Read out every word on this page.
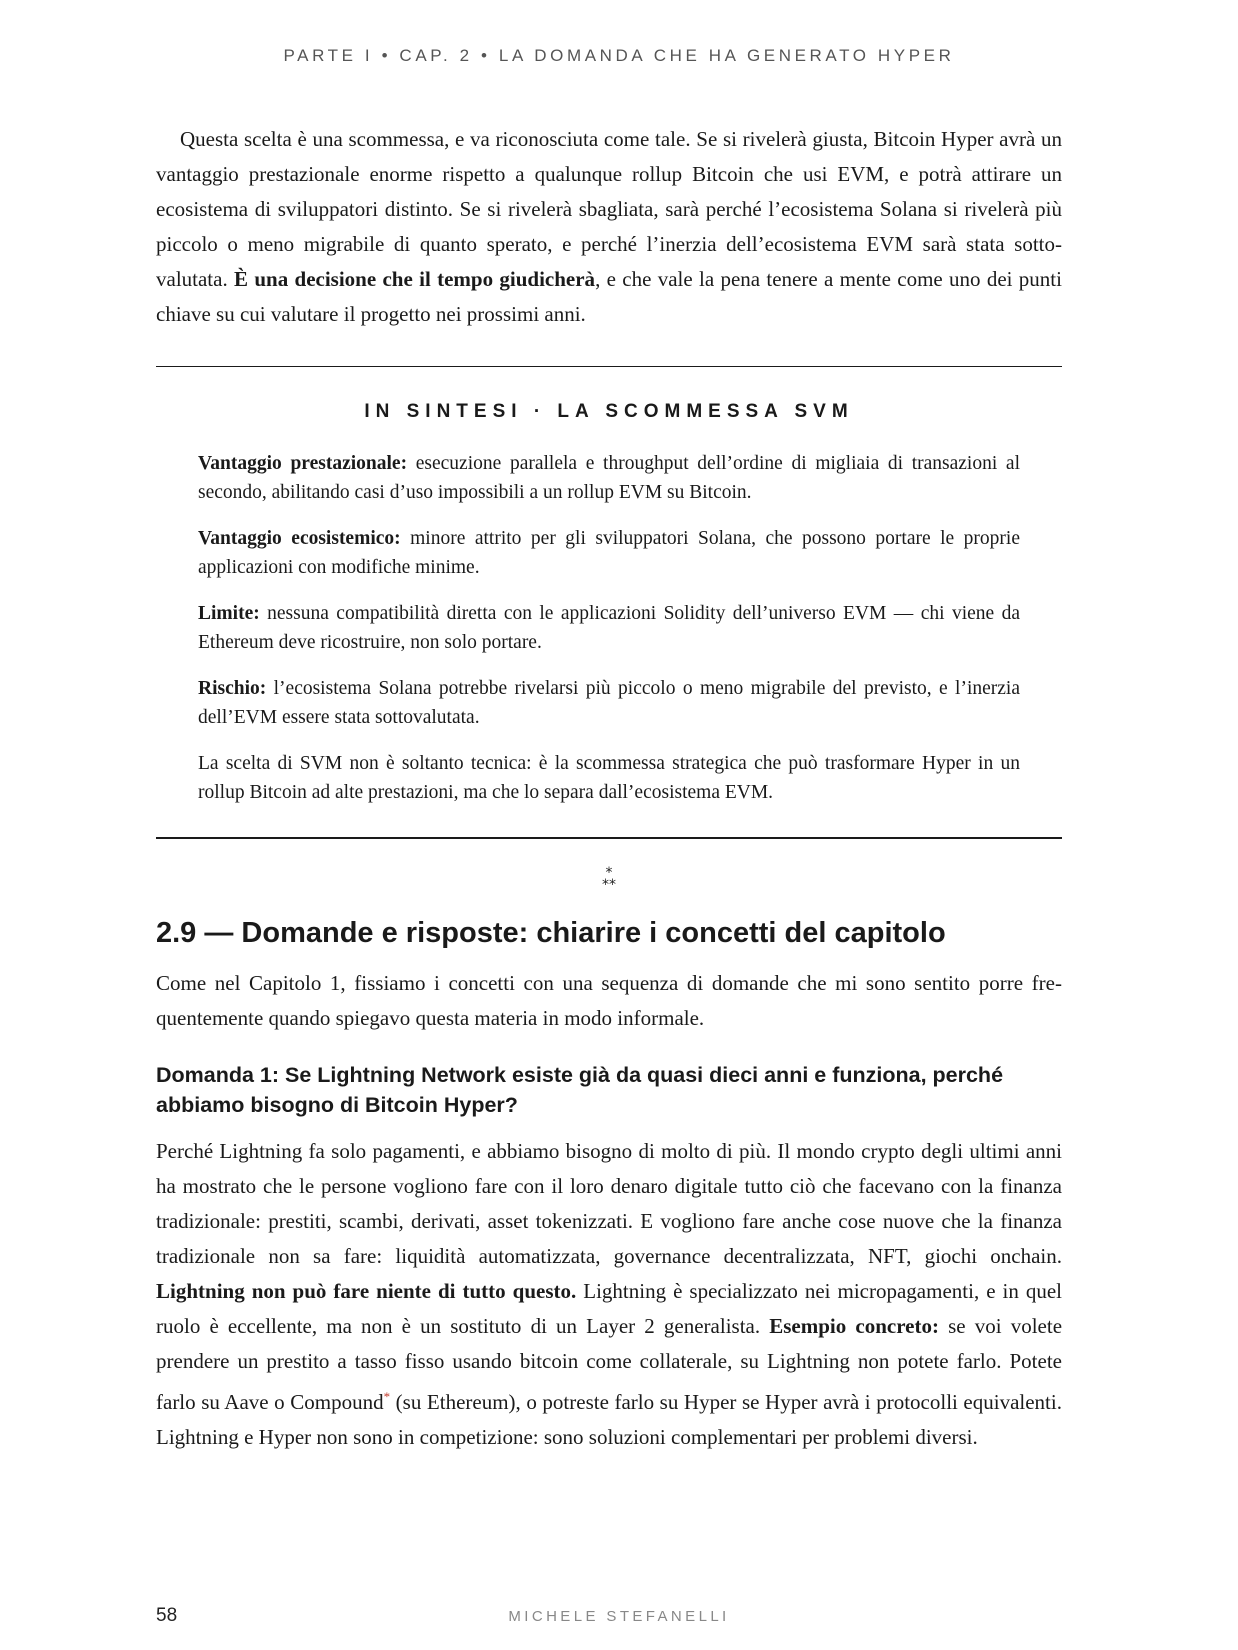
PARTE I • CAP. 2 • LA DOMANDA CHE HA GENERATO HYPER

Questa scelta è una scommessa, e va riconosciuta come tale. Se si rivelerà giusta, Bitcoin Hyper avrà un vantaggio prestazionale enorme rispetto a qualunque rollup Bitcoin che usi EVM, e potrà attirare un ecosistema di sviluppatori distinto. Se si rivelerà sbagliata, sarà perché l’ecosistema Solana si rivelerà più piccolo o meno migrabile di quanto sperato, e perché l’inerzia dell’ecosistema EVM sarà stata sottovalutata. È una decisione che il tempo giudicherà, e che vale la pena tenere a mente come uno dei punti chiave su cui valutare il progetto nei prossimi anni.

IN SINTESI · LA SCOMMESSA SVM

Vantaggio prestazionale: esecuzione parallela e throughput dell’ordine di migliaia di transazioni al secondo, abilitando casi d’uso impossibili a un rollup EVM su Bitcoin.

Vantaggio ecosistemico: minore attrito per gli sviluppatori Solana, che possono portare le proprie applicazioni con modifiche minime.

Limite: nessuna compatibilità diretta con le applicazioni Solidity dell’universo EVM — chi viene da Ethereum deve ricostruire, non solo portare.

Rischio: l’ecosistema Solana potrebbe rivelarsi più piccolo o meno migrabile del previsto, e l’inerzia dell’EVM essere stata sottovalutata.

La scelta di SVM non è soltanto tecnica: è la scommessa strategica che può trasformare Hyper in un rollup Bitcoin ad alte prestazioni, ma che lo separa dall’ecosistema EVM.

*
**
2.9 — Domande e risposte: chiarire i concetti del capitolo

Come nel Capitolo 1, fissiamo i concetti con una sequenza di domande che mi sono sentito porre frequentemente quando spiegavo questa materia in modo informale.

Domanda 1: Se Lightning Network esiste già da quasi dieci anni e funziona, perché abbiamo bisogno di Bitcoin Hyper?

Perché Lightning fa solo pagamenti, e abbiamo bisogno di molto di più. Il mondo crypto degli ultimi anni ha mostrato che le persone vogliono fare con il loro denaro digitale tutto ciò che facevano con la finanza tradizionale: prestiti, scambi, derivati, asset tokenizzati. E vogliono fare anche cose nuove che la finanza tradizionale non sa fare: liquidità automatizzata, governance decentralizzata, NFT, giochi onchain. Lightning non può fare niente di tutto questo. Lightning è specializzato nei micropagamenti, e in quel ruolo è eccellente, ma non è un sostituto di un Layer 2 generalista. Esempio concreto: se voi volete prendere un prestito a tasso fisso usando bitcoin come collaterale, su Lightning non potete farlo. Potete farlo su Aave o Compound* (su Ethereum), o potreste farlo su Hyper se Hyper avrà i protocolli equivalenti. Lightning e Hyper non sono in competizione: sono soluzioni complementari per problemi diversi.

58	MICHELE STEFANELLI
